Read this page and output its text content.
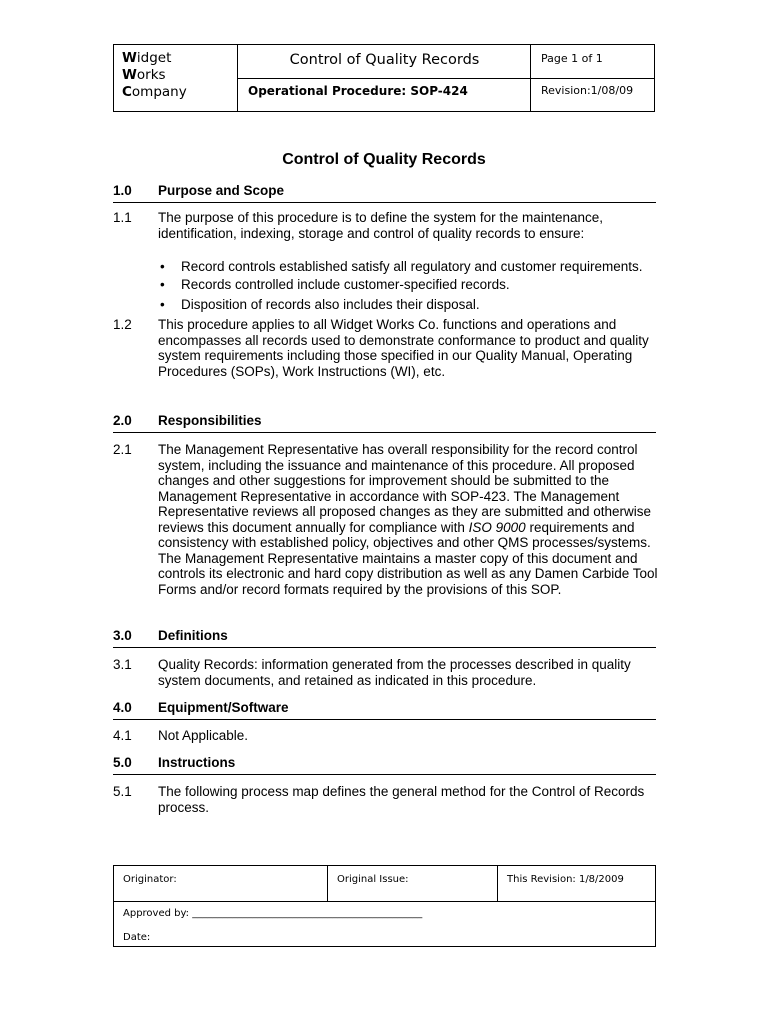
Widget
Works
Company
Control of Quality Records
Operational Procedure: SOP-424
Page 1 of 1
Revision:1/08/09
Control of Quality Records
1.0 Purpose and Scope
1.1 The purpose of this procedure is to define the system for the maintenance, identification, indexing, storage and control of quality records to ensure:
• Record controls established satisfy all regulatory and customer requirements.
• Records controlled include customer-specified records.
• Disposition of records also includes their disposal.
1.2 This procedure applies to all Widget Works Co. functions and operations and encompasses all records used to demonstrate conformance to product and quality system requirements including those specified in our Quality Manual, Operating Procedures (SOPs), Work Instructions (WI), etc.
2.0 Responsibilities
2.1 The Management Representative has overall responsibility for the record control system, including the issuance and maintenance of this procedure. All proposed changes and other suggestions for improvement should be submitted to the Management Representative in accordance with SOP-423. The Management Representative reviews all proposed changes as they are submitted and otherwise reviews this document annually for compliance with ISO 9000 requirements and consistency with established policy, objectives and other QMS processes/systems. The Management Representative maintains a master copy of this document and controls its electronic and hard copy distribution as well as any Damen Carbide Tool Forms and/or record formats required by the provisions of this SOP.
3.0 Definitions
3.1 Quality Records: information generated from the processes described in quality system documents, and retained as indicated in this procedure.
4.0 Equipment/Software
4.1 Not Applicable.
5.0 Instructions
5.1 The following process map defines the general method for the Control of Records process.
Originator:	Original Issue:	This Revision: 1/8/2009
Approved by: ______________________________________________
Date:
